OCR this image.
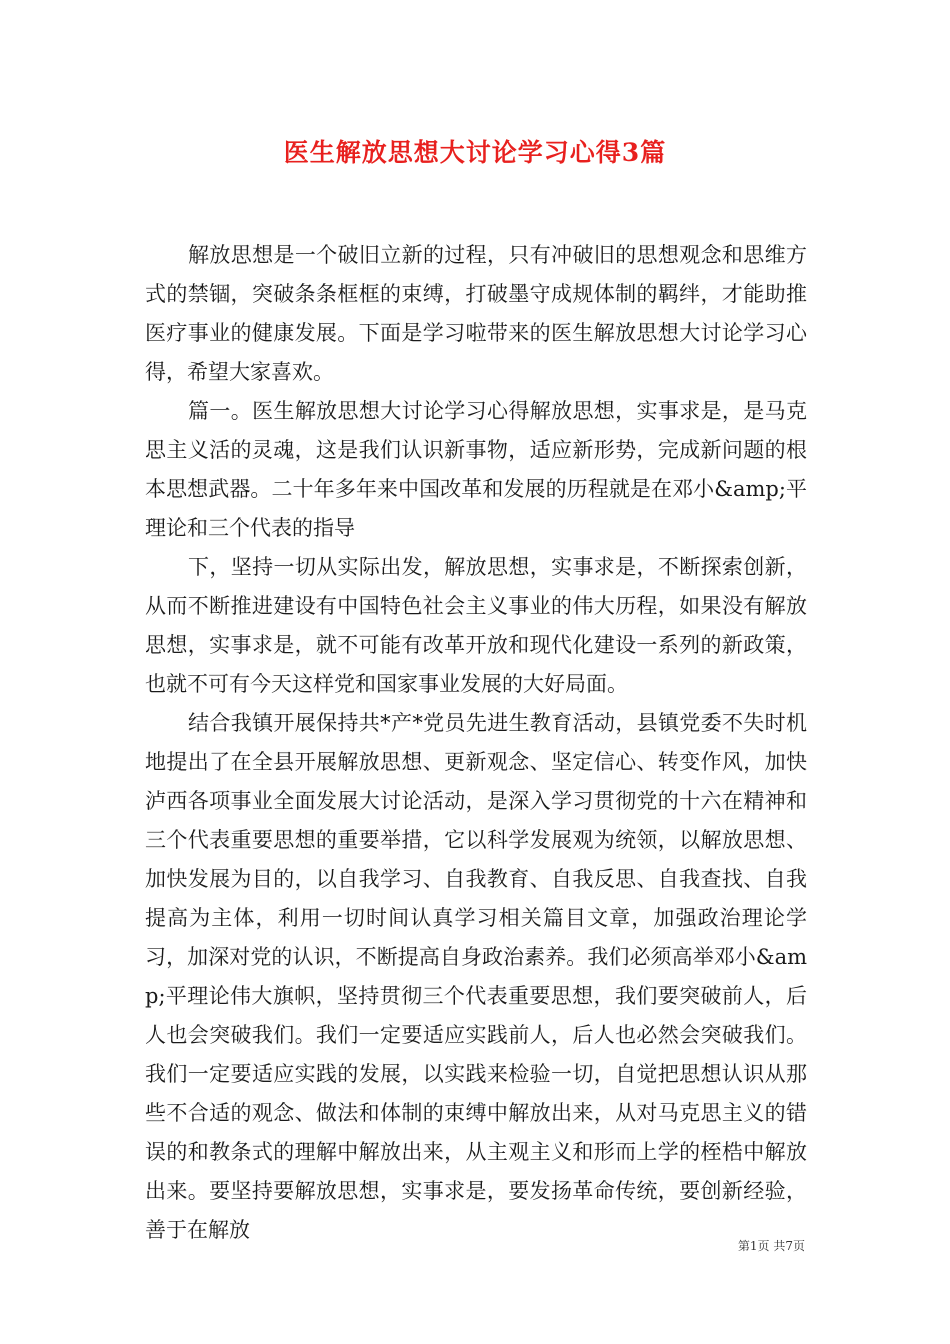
医生解放思想大讨论学习心得3篇

解放思想是一个破旧立新的过程，只有冲破旧的思想观念和思维方式的禁锢，突破条条框框的束缚，打破墨守成规体制的羁绊，才能助推医疗事业的健康发展。下面是学习啦带来的医生解放思想大讨论学习心得，希望大家喜欢。

篇一。医生解放思想大讨论学习心得解放思想，实事求是，是马克思主义活的灵魂，这是我们认识新事物，适应新形势，完成新问题的根本思想武器。二十年多年来中国改革和发展的历程就是在邓小&amp;平理论和三个代表的指导

下，坚持一切从实际出发，解放思想，实事求是，不断探索创新，从而不断推进建设有中国特色社会主义事业的伟大历程，如果没有解放思想，实事求是，就不可能有改革开放和现代化建设一系列的新政策，也就不可有今天这样党和国家事业发展的大好局面。

结合我镇开展保持共*产*党员先进生教育活动，县镇党委不失时机地提出了在全县开展解放思想、更新观念、坚定信心、转变作风，加快泸西各项事业全面发展大讨论活动，是深入学习贯彻党的十六在精神和三个代表重要思想的重要举措，它以科学发展观为统领，以解放思想、加快发展为目的，以自我学习、自我教育、自我反思、自我查找、自我提高为主体，利用一切时间认真学习相关篇目文章，加强政治理论学习，加深对党的认识，不断提高自身政治素养。我们必须高举邓小&amp;平理论伟大旗帜，坚持贯彻三个代表重要思想，我们要突破前人，后人也会突破我们。我们一定要适应实践前人，后人也必然会突破我们。我们一定要适应实践的发展，以实践来检验一切，自觉把思想认识从那些不合适的观念、做法和体制的束缚中解放出来，从对马克思主义的错误的和教条式的理解中解放出来，从主观主义和形而上学的桎梏中解放出来。要坚持要解放思想，实事求是，要发扬革命传统，要创新经验，善于在解放

第1页 共7页
